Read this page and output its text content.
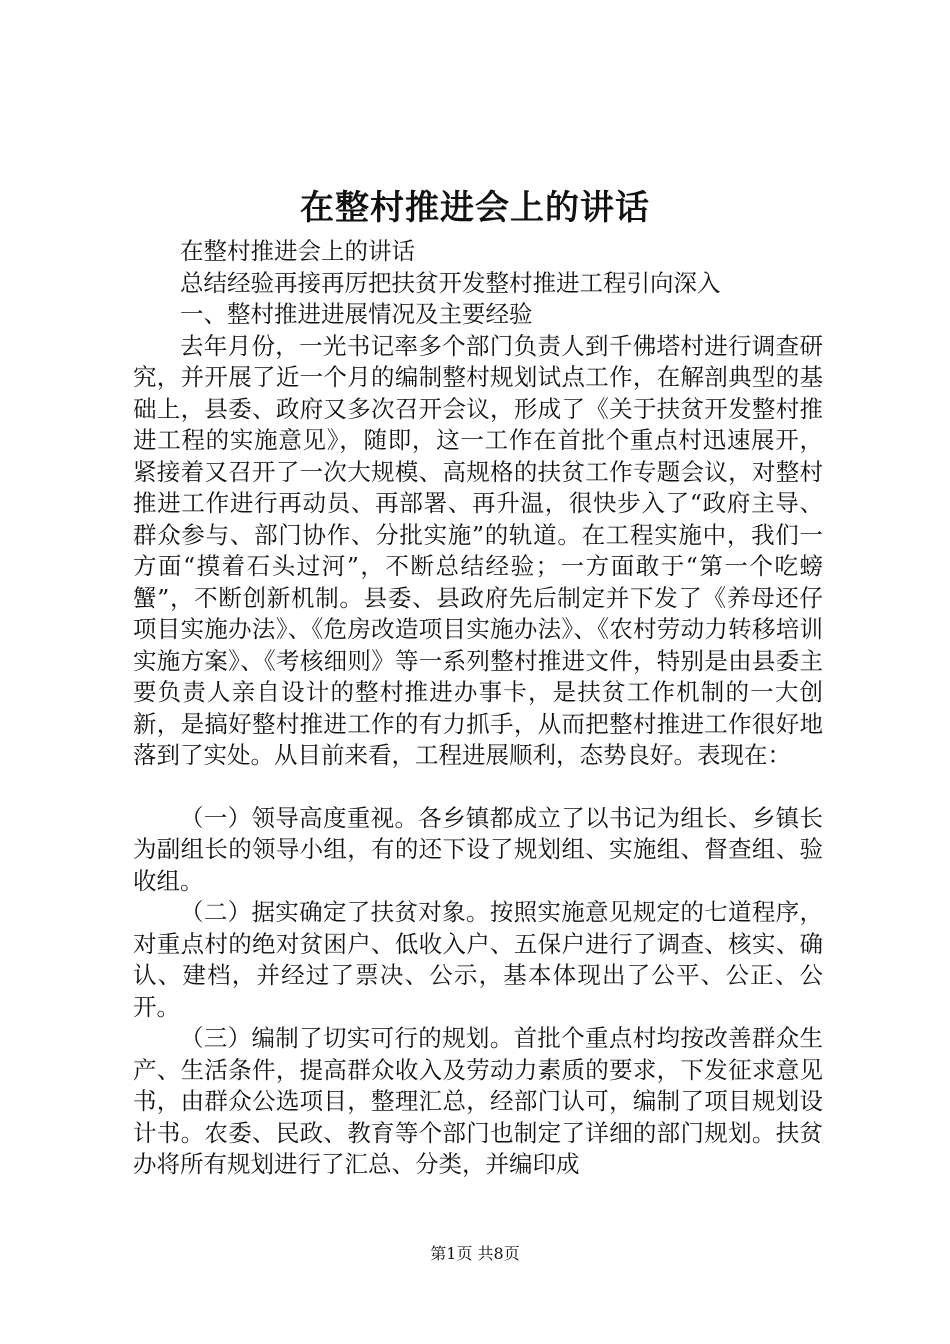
在整村推进会上的讲话

在整村推进会上的讲话

总结经验再接再厉把扶贫开发整村推进工程引向深入

一、整村推进进展情况及主要经验

去年月份，一光书记率多个部门负责人到千佛塔村进行调查研究，并开展了近一个月的编制整村规划试点工作，在解剖典型的基础上，县委、政府又多次召开会议，形成了《关于扶贫开发整村推进工程的实施意见》，随即，这一工作在首批个重点村迅速展开，紧接着又召开了一次大规模、高规格的扶贫工作专题会议，对整村推进工作进行再动员、再部署、再升温，很快步入了“政府主导、群众参与、部门协作、分批实施”的轨道。在工程实施中，我们一方面“摸着石头过河”，不断总结经验；一方面敢于“第一个吃螃蟹”，不断创新机制。县委、县政府先后制定并下发了《养母还仔项目实施办法》、《危房改造项目实施办法》、《农村劳动力转移培训实施方案》、《考核细则》等一系列整村推进文件，特别是由县委主要负责人亲自设计的整村推进办事卡，是扶贫工作机制的一大创新，是搞好整村推进工作的有力抓手，从而把整村推进工作很好地落到了实处。从目前来看，工程进展顺利，态势良好。表现在：

（一）领导高度重视。各乡镇都成立了以书记为组长、乡镇长为副组长的领导小组，有的还下设了规划组、实施组、督查组、验收组。

（二）据实确定了扶贫对象。按照实施意见规定的七道程序，对重点村的绝对贫困户、低收入户、五保户进行了调查、核实、确认、建档，并经过了票决、公示，基本体现出了公平、公正、公开。

（三）编制了切实可行的规划。首批个重点村均按改善群众生产、生活条件，提高群众收入及劳动力素质的要求，下发征求意见书，由群众公选项目，整理汇总，经部门认可，编制了项目规划设计书。农委、民政、教育等个部门也制定了详细的部门规划。扶贫办将所有规划进行了汇总、分类，并编印成

第1页 共8页
